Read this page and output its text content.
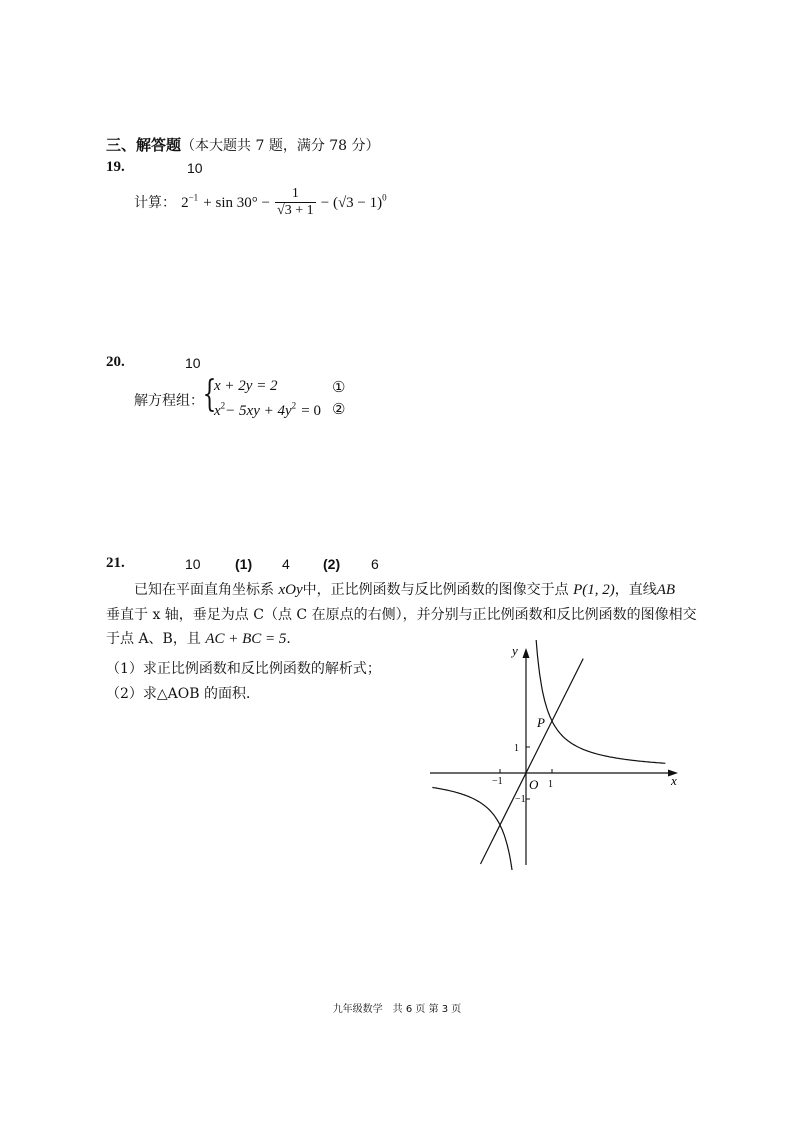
三、解答题（本大题共 7 题，满分 78 分）
19.	10
计算： $2^{-1} + \sin 30^\circ - \frac{1}{√3 + 1} - (√3 - 1)^0$
20.	10
解方程组：
{
x + 2y = 2	①
$x^2- 5xy + 4y^2 = 0$ ②
21.	10 (1) 4 (2) 6
已知在平面直角坐标系 xOy中，正比例函数与反比例函数的图像交于点 P(1, 2)，直线AB
垂直于 x 轴，垂足为点 C（点 C 在原点的右侧），并分别与正比例函数和反比例函数的图像相交
于点 A、B，且 AC + BC = 5．
（1）求正比例函数和反比例函数的解析式；
（2）求△AOB 的面积．
y
x
O
P
1
−1
1
−1
九年级数学　共 6 页 第 3 页
